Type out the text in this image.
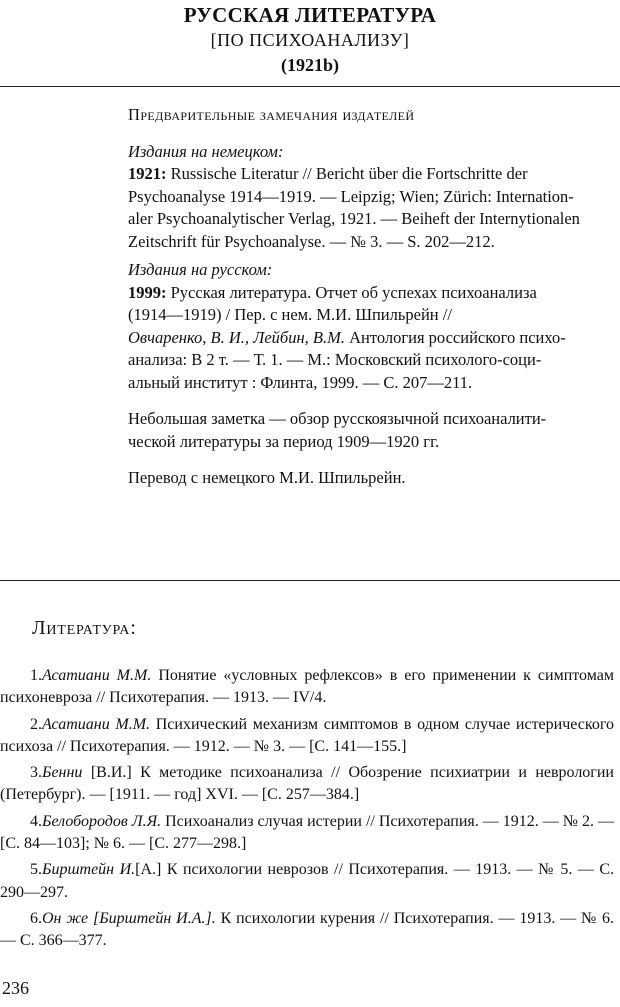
РУССКАЯ ЛИТЕРАТУРА
[ПО ПСИХОАНАЛИЗУ]
(1921b)
Предварительные замечания издателей
Издания на немецком:

1921: Russische Literatur // Bericht über die Fortschritte der

Psychoanalyse 1914—1919. — Leipzig; Wien; Zürich: Internation-

aler Psychoanalytischer Verlag, 1921. — Beiheft der Internytionalen

Zeitschrift für Psychoanalyse. — № 3. — S. 202—212.

Издания на русском:

1999: Русская литература. Отчет об успехах психоанализа

(1914—1919) / Пер. с нем. М.И. Шпильрейн //

Овчаренко, В. И., Лейбин, В.М. Антология российского психо-

анализа: В 2 т. — Т. 1. — М.: Московский психолого-соци-

альный институт : Флинта, 1999. — С. 207—211.

Небольшая заметка — обзор русскоязычной психоаналити-

ческой литературы за период 1909—1920 гг.

Перевод с немецкого М.И. Шпильрейн.

Литература:

1.Асатиани М.М. Понятие «условных рефлексов» в его применении к симптомам психоневроза // Психотерапия. — 1913. — IV/4.

2.Асатиани М.М. Психический механизм симптомов в одном случае истерического психоза // Психотерапия. — 1912. — № 3. — [С. 141—155.]

3.Бенни [В.И.] К методике психоанализа // Обозрение психиатрии и неврологии (Петербург). — [1911. — год] XVI. — [С. 257—384.]

4.Белобородов Л.Я. Психоанализ случая истерии // Психотерапия. — 1912. — № 2. — [С. 84—103]; № 6. — [С. 277—298.]

5.Бирштейн И.[А.] К психологии неврозов // Психотерапия. — 1913. — № 5. — С. 290—297.

6.Он же [Бирштейн И.А.]. К психологии курения // Психотерапия. — 1913. — № 6. — С. 366—377.

236
